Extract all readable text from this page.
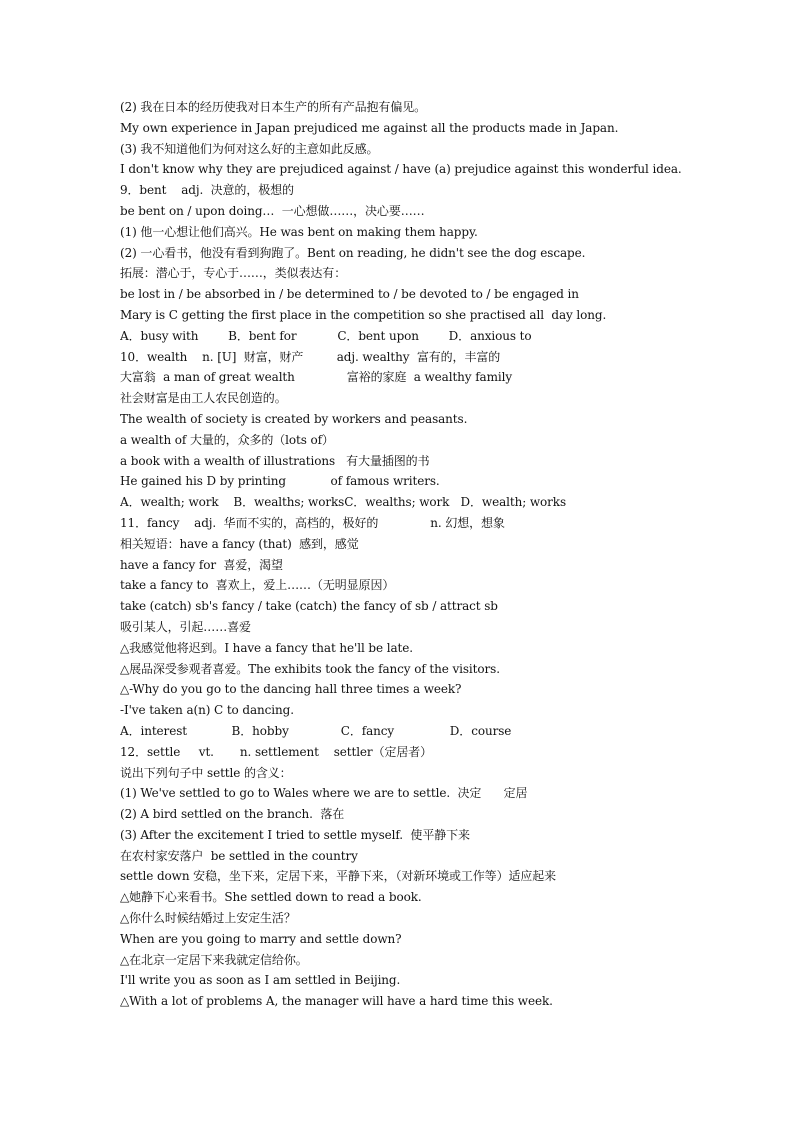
(2) 我在日本的经历使我对日本生产的所有产品抱有偏见。
My own experience in Japan prejudiced me against all the products made in Japan.
(3) 我不知道他们为何对这么好的主意如此反感。
I don't know why they are prejudiced against / have (a) prejudice against this wonderful idea.
9．bent    adj.  决意的，极想的
be bent on / upon doing…  一心想做……，决心要……
(1) 他一心想让他们高兴。He was bent on making them happy.
(2) 一心看书，他没有看到狗跑了。Bent on reading, he didn't see the dog escape.
拓展：潜心于，专心于……，类似表达有：
be lost in / be absorbed in / be determined to / be devoted to / be engaged in
Mary is C getting the first place in the competition so she practised all  day long.
A．busy with        B．bent for           C．bent upon        D．anxious to
10．wealth    n. [U]  财富，财产         adj. wealthy  富有的，丰富的
大富翁  a man of great wealth              富裕的家庭  a wealthy family
社会财富是由工人农民创造的。
The wealth of society is created by workers and peasants.
a wealth of 大量的，众多的（lots of）
a book with a wealth of illustrations   有大量插图的书
He gained his D by printing            of famous writers.
A．wealth; work    B．wealths; worksC．wealths; work   D．wealth; works
11．fancy    adj.  华而不实的，高档的，极好的              n. 幻想，想象
相关短语：have a fancy (that)  感到，感觉
have a fancy for  喜爱，渴望
take a fancy to  喜欢上，爱上……（无明显原因）
take (catch) sb's fancy / take (catch) the fancy of sb / attract sb
吸引某人，引起……喜爱
△我感觉他将迟到。I have a fancy that he'll be late.
△展品深受参观者喜爱。The exhibits took the fancy of the visitors.
△-Why do you go to the dancing hall three times a week?
-I've taken a(n) C to dancing.
A．interest            B．hobby              C．fancy               D．course
12．settle     vt.       n. settlement    settler（定居者）
说出下列句子中 settle 的含义：
(1) We've settled to go to Wales where we are to settle.  决定      定居
(2) A bird settled on the branch.  落在
(3) After the excitement I tried to settle myself.  使平静下来
在农村家安落户  be settled in the country
settle down 安稳，坐下来，定居下来，平静下来，（对新环境或工作等）适应起来
△她静下心来看书。She settled down to read a book.
△你什么时候结婚过上安定生活？
When are you going to marry and settle down?
△在北京一定居下来我就定信给你。
I'll write you as soon as I am settled in Beijing.
△With a lot of problems A, the manager will have a hard time this week.
